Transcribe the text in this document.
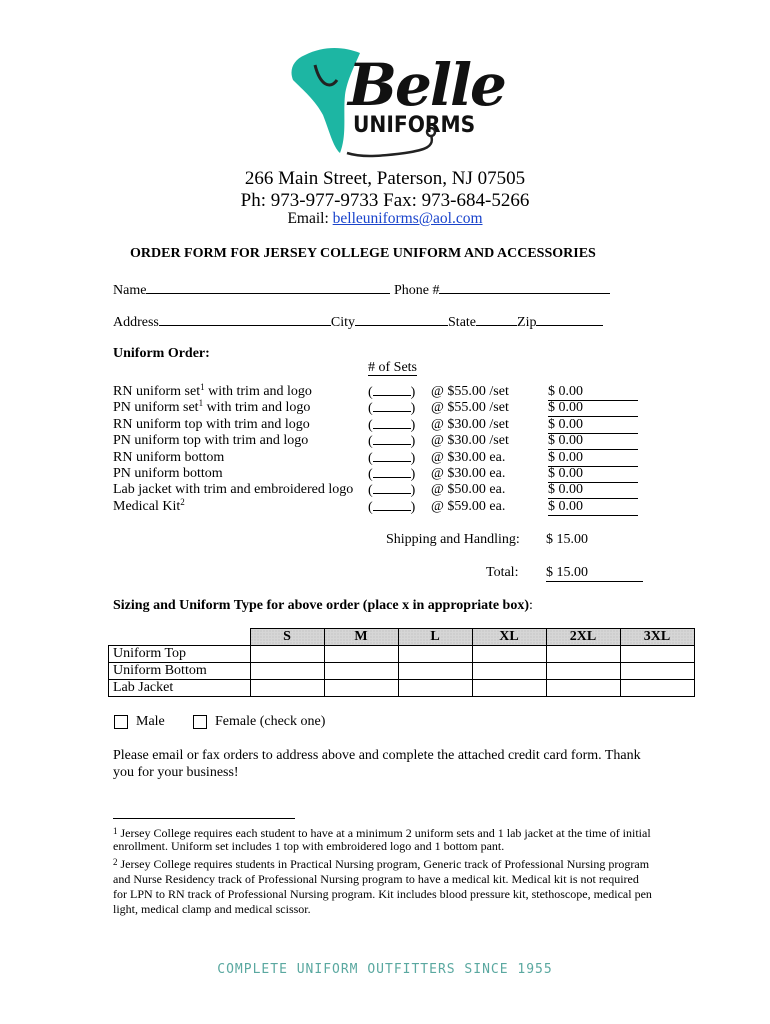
Belle
UNIFORMS
266 Main Street, Paterson, NJ 07505
Ph: 973-977-9733 Fax: 973-684-5266
Email: belleuniforms@aol.com
ORDER FORM FOR JERSEY COLLEGE UNIFORM AND ACCESSORIES
Name	Phone #
Address	City	State	Zip
Uniform Order:
# of Sets
RN uniform set$^1$ with trim and logo	(	) @ $55.00 /set	$ 0.00
PN uniform set$^1$ with trim and logo	(	) @ $55.00 /set	$ 0.00
RN uniform top with trim and logo	(	) @ $30.00 /set	$ 0.00
PN uniform top with trim and logo	(	) @ $30.00 /set	$ 0.00
RN uniform bottom	(	) @ $30.00 ea.	$ 0.00
PN uniform bottom	(	) @ $30.00 ea.	$ 0.00
Lab jacket with trim and embroidered logo (	) @ $50.00 ea.	$ 0.00
Medical Kit$^2$	(	) @ $59.00 ea.	$ 0.00
Shipping and Handling: $ 15.00
Total: $ 15.00
Sizing and Uniform Type for above order (place x in appropriate box):
	S	M	L	XL	2XL	3XL
Uniform Top						
Uniform Bottom						
Lab Jacket						
Male	Female (check one)
Please email or fax orders to address above and complete the attached credit card form. Thank you for your business!
$^1$ Jersey College requires each student to have at a minimum 2 uniform sets and 1 lab jacket at the time of initial enrollment. Uniform set includes 1 top with embroidered logo and 1 bottom pant.
$^2$ Jersey College requires students in Practical Nursing program, Generic track of Professional Nursing program and Nurse Residency track of Professional Nursing program to have a medical kit. Medical kit is not required for LPN to RN track of Professional Nursing program. Kit includes blood pressure kit, stethoscope, medical pen light, medical clamp and medical scissor.
COMPLETE UNIFORM OUTFITTERS SINCE 1955
